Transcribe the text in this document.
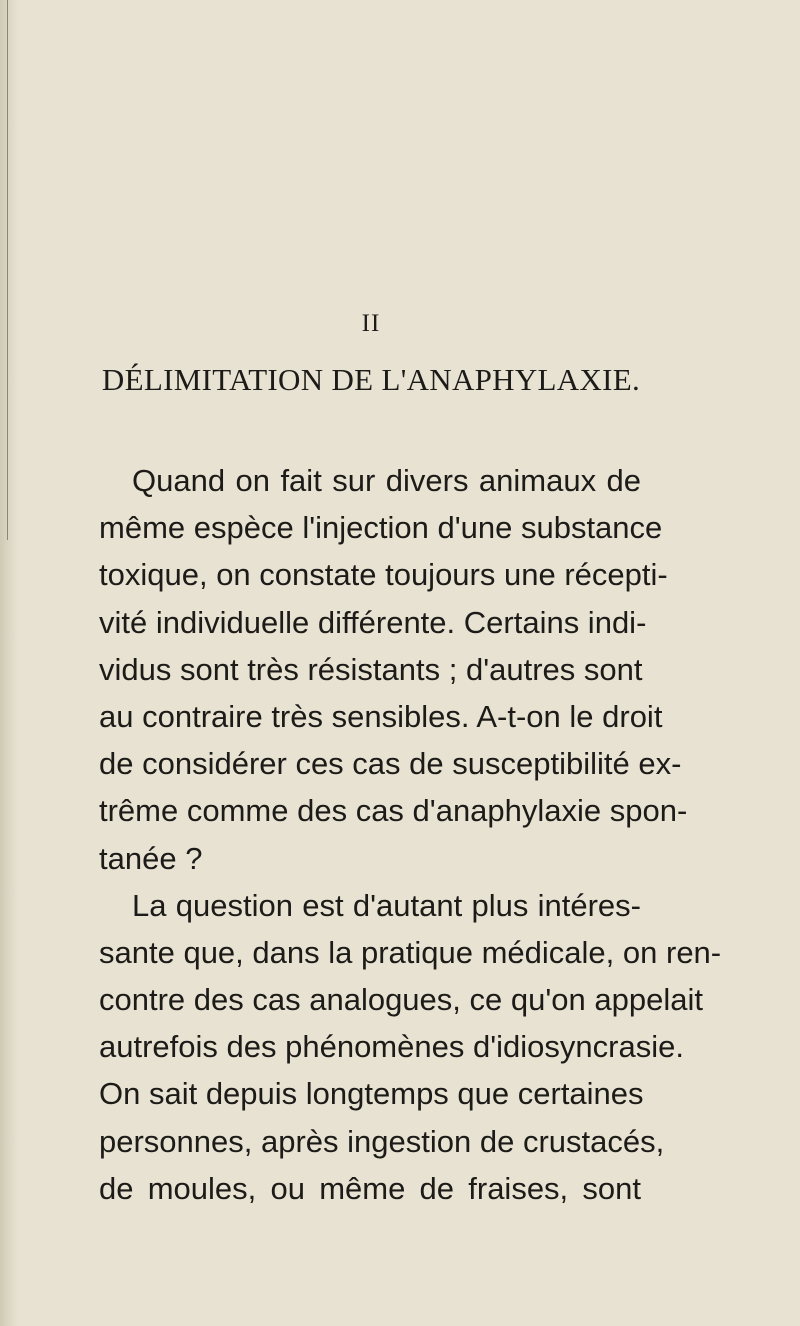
II
DÉLIMITATION DE L'ANAPHYLAXIE.
Quand on fait sur divers animaux de
même espèce l'injection d'une substance
toxique, on constate toujours une récepti-
vité individuelle différente. Certains indi-
vidus sont très résistants ; d'autres sont
au contraire très sensibles. A-t-on le droit
de considérer ces cas de susceptibilité ex-
trême comme des cas d'anaphylaxie spon-
tanée ?
La question est d'autant plus intéres-
sante que, dans la pratique médicale, on ren-
contre des cas analogues, ce qu'on appelait
autrefois des phénomènes d'idiosyncrasie.
On sait depuis longtemps que certaines
personnes, après ingestion de crustacés,
de moules, ou même de fraises, sont
